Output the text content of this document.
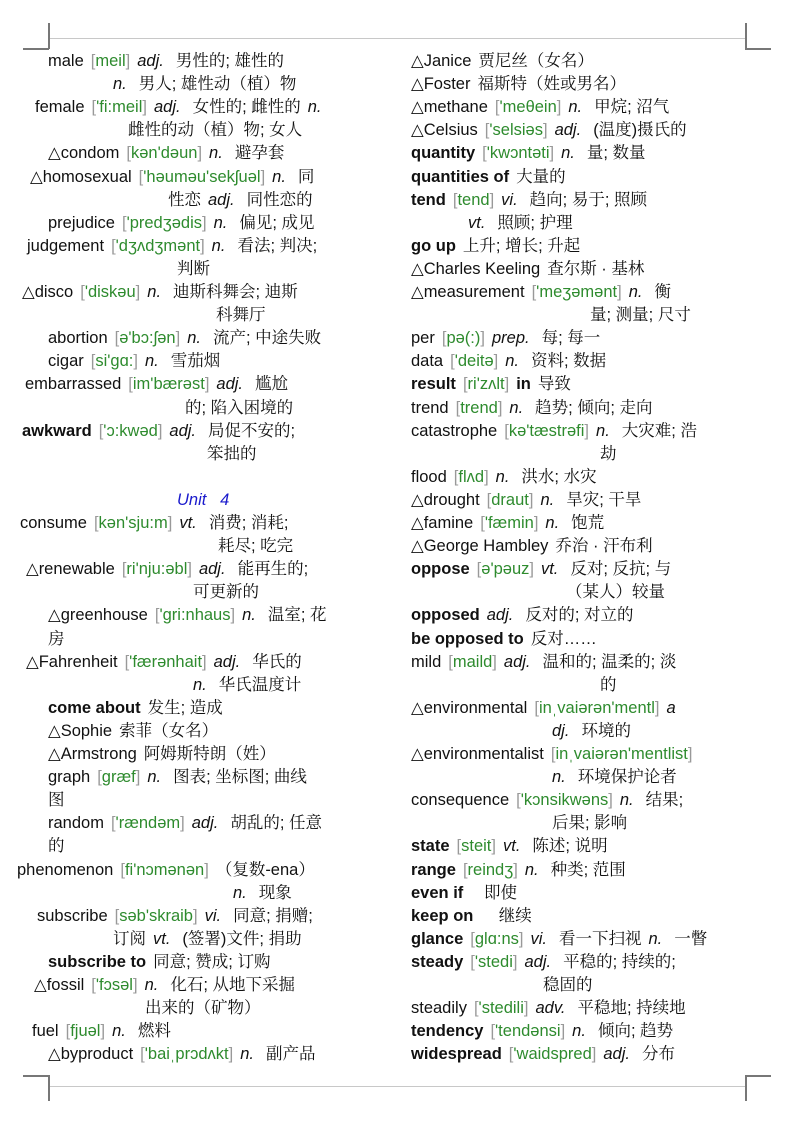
male [meil] adj. 男性的; 雄性的
n. 男人; 雄性动（植）物
female ['fi:meil] adj. 女性的; 雌性的 n.
雌性的动（植）物; 女人
△condom [kən'dəun] n. 避孕套
△homosexual ['həuməu'sekʃuəl] n. 同
性恋 adj. 同性恋的
prejudice ['predʒədis] n. 偏见; 成见
judgement ['dʒʌdʒmənt] n. 看法; 判决;
判断
△disco ['diskəu] n. 迪斯科舞会; 迪斯
科舞厅
abortion [ə'bɔ:ʃən] n. 流产; 中途失败
cigar [si'gɑ:] n. 雪茄烟
embarrassed [im'bærəst] adj. 尴尬
的; 陷入困境的
awkward ['ɔ:kwəd] adj. 局促不安的;
笨拙的
Unit   4
consume [kən'sju:m] vt. 消费; 消耗;
耗尽; 吃完
△renewable [ri'nju:əbl] adj. 能再生的;
可更新的
△greenhouse ['gri:nhaus] n. 温室; 花
房
△Fahrenheit ['færənhait] adj. 华氏的
n. 华氏温度计
come about 发生; 造成
△Sophie 索菲（女名）
△Armstrong 阿姆斯特朗（姓）
graph [græf] n. 图表; 坐标图; 曲线
图
random ['rændəm] adj. 胡乱的; 任意
的
phenomenon [fi'nɔmənən] （复数-ena）
n. 现象
subscribe [səb'skraib] vi. 同意; 捐赠;
订阅 vt. (签署)文件; 捐助
subscribe to 同意; 赞成; 订购
△fossil ['fɔsəl] n. 化石; 从地下采掘
出来的（矿物）
fuel [fjuəl] n. 燃料
△byproduct ['baiˌprɔdʌkt] n. 副产品
△Janice 贾尼丝（女名）
△Foster 福斯特（姓或男名）
△methane ['meθein] n. 甲烷; 沼气
△Celsius ['selsiəs] adj. (温度)摄氏的
quantity ['kwɔntəti] n. 量; 数量
quantities of 大量的
tend [tend] vi. 趋向; 易于; 照顾
vt. 照顾; 护理
go up 上升; 增长; 升起
△Charles Keeling 查尔斯 · 基林
△measurement ['meʒəmənt] n. 衡
量; 测量; 尺寸
per [pə(:)] prep. 每; 每一
data ['deitə] n. 资料; 数据
result [ri'zʌlt] in 导致
trend [trend] n. 趋势; 倾向; 走向
catastrophe [kə'tæstrəfi] n. 大灾难; 浩
劫
flood [flʌd] n. 洪水; 水灾
△drought [draut] n. 旱灾; 干旱
△famine ['fæmin] n. 饱荒
△George Hambley 乔治 · 汗布利
oppose [ə'pəuz] vt. 反对; 反抗; 与
（某人）较量
opposed adj. 反对的; 对立的
be opposed to 反对……
mild [maild] adj. 温和的; 温柔的; 淡
的
△environmental [inˌvaiərən'mentl] a
dj. 环境的
△environmentalist [inˌvaiərən'mentlist]
n. 环境保护论者
consequence ['kɔnsikwəns] n. 结果;
后果; 影响
state [steit] vt. 陈述; 说明
range [reindʒ] n. 种类; 范围
even if   即使
keep on    继续
glance [glɑ:ns] vi. 看一下扫视 n. 一瞥
steady ['stedi] adj. 平稳的; 持续的;
稳固的
steadily ['stedili] adv. 平稳地; 持续地
tendency ['tendənsi] n. 倾向; 趋势
widespread ['waidspred] adj. 分布
